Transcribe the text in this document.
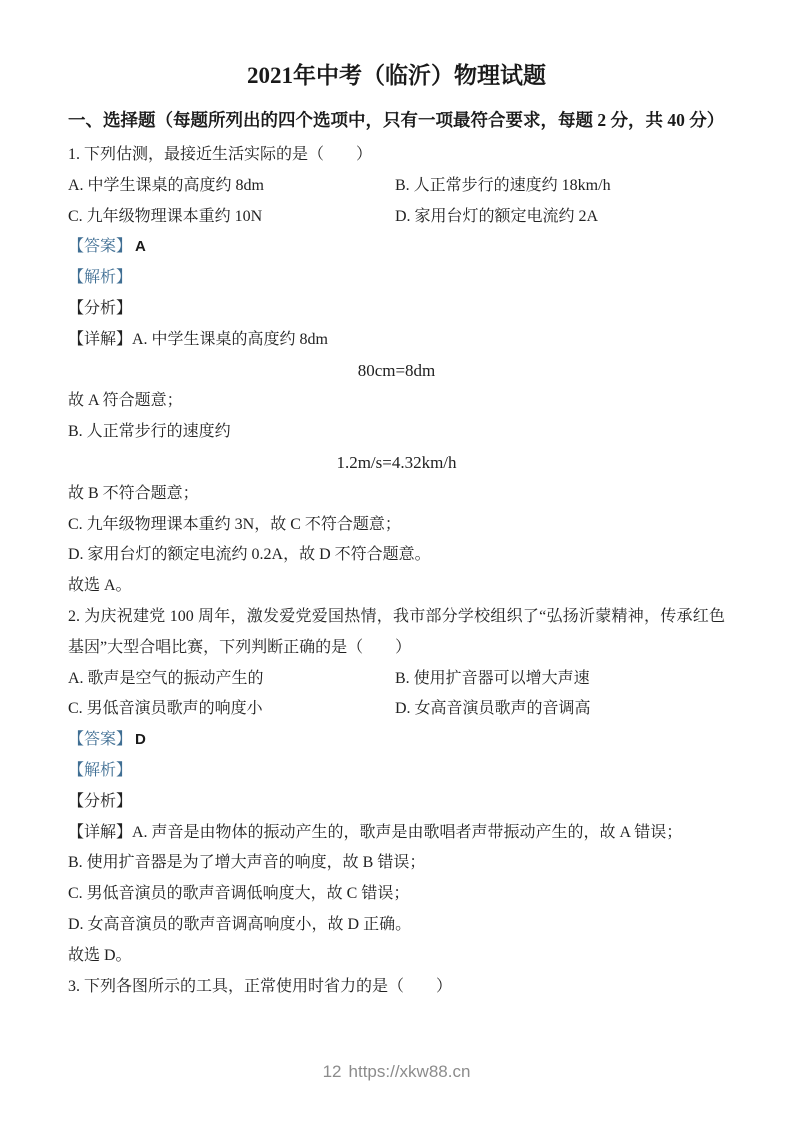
2021年中考（临沂）物理试题
一、选择题（每题所列出的四个选项中，只有一项最符合要求，每题 2 分，共 40 分）
1. 下列估测，最接近生活实际的是（　　）
A. 中学生课桌的高度约 8dm	B. 人正常步行的速度约 18km/h
C. 九年级物理课本重约 10N	D. 家用台灯的额定电流约 2A
【答案】 A
【解析】
【分析】
【详解】A. 中学生课桌的高度约 8dm
80cm=8dm
故 A 符合题意；
B. 人正常步行的速度约
1.2m/s=4.32km/h
故 B 不符合题意；
C. 九年级物理课本重约 3N，故 C 不符合题意；
D. 家用台灯的额定电流约 0.2A，故 D 不符合题意。
故选 A。
2. 为庆祝建党 100 周年，激发爱党爱国热情，我市部分学校组织了“弘扬沂蒙精神，传承红色基因”大型合唱比赛，下列判断正确的是（　　）
A. 歌声是空气的振动产生的	B. 使用扩音器可以增大声速
C. 男低音演员歌声的响度小	D. 女高音演员歌声的音调高
【答案】 D
【解析】
【分析】
【详解】A. 声音是由物体的振动产生的，歌声是由歌唱者声带振动产生的，故 A 错误；
B. 使用扩音器是为了增大声音的响度，故 B 错误；
C. 男低音演员的歌声音调低响度大，故 C 错误；
D. 女高音演员的歌声音调高响度小，故 D 正确。
故选 D。
3. 下列各图所示的工具，正常使用时省力的是（　　）
12 https://xkw88.cn
